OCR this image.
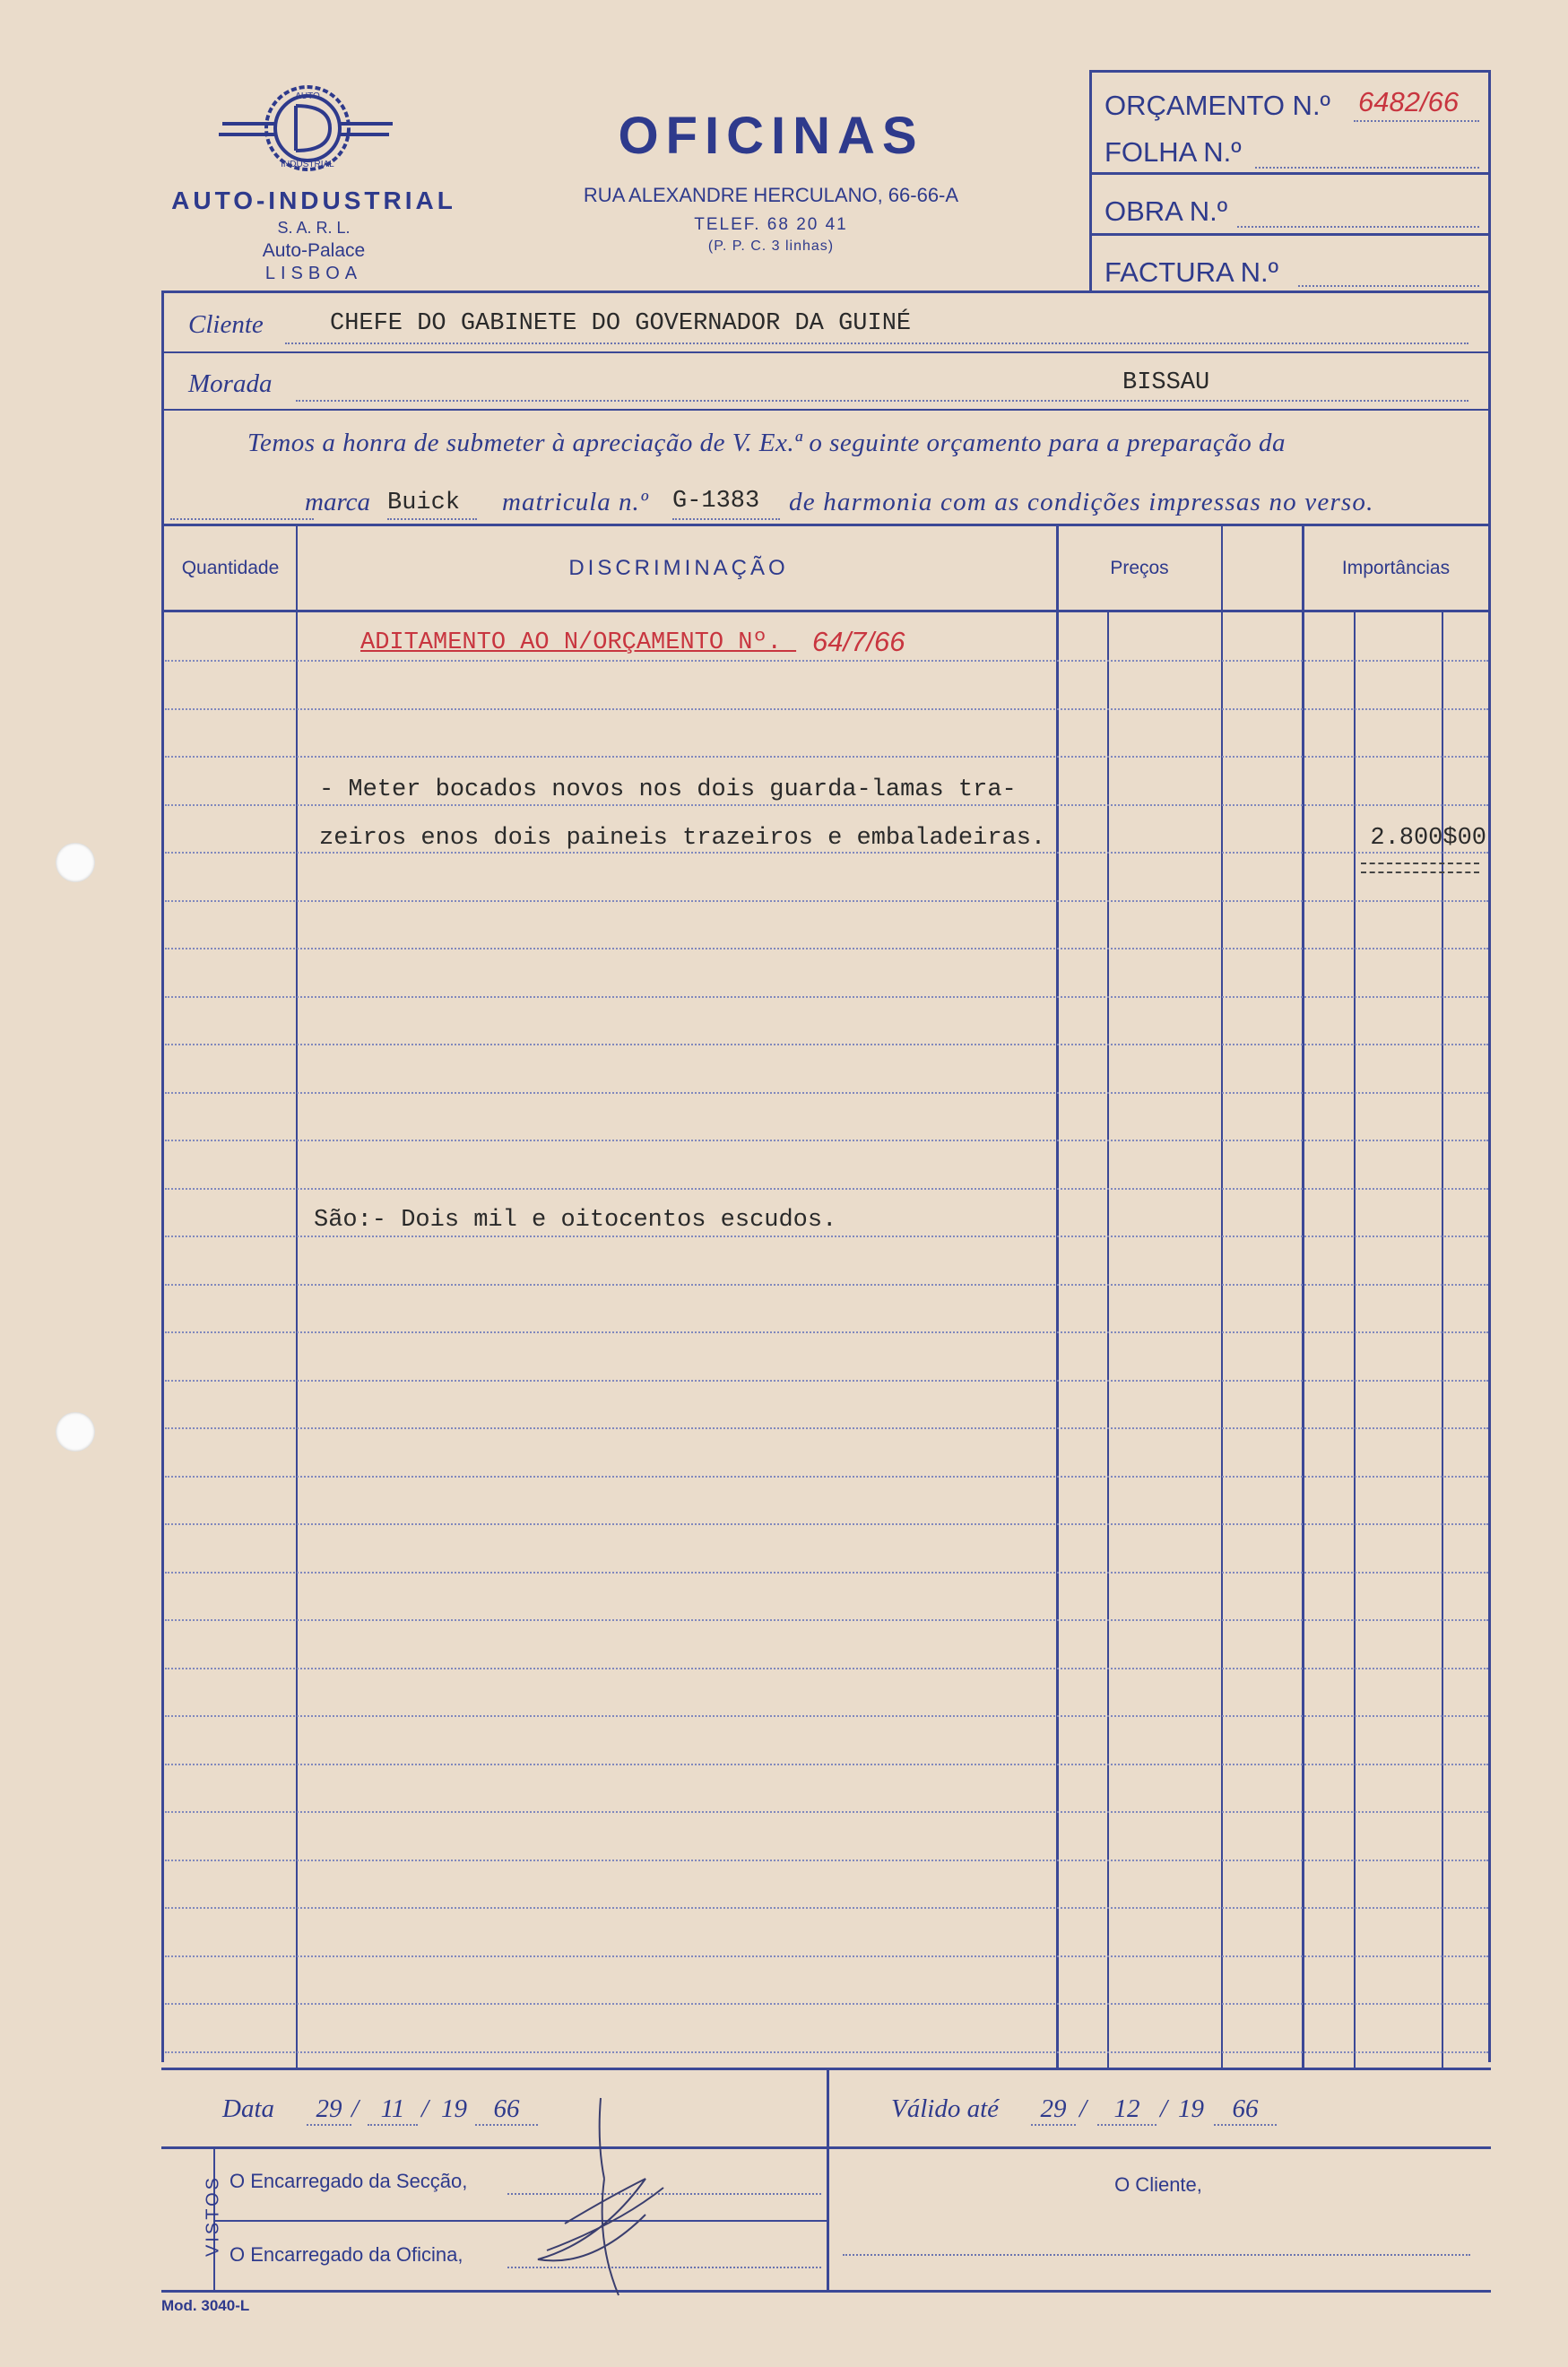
AUTO
INDUSTRIAL
AUTO-INDUSTRIAL
S. A. R. L.
Auto-Palace
LISBOA
OFICINAS
RUA ALEXANDRE HERCULANO, 66-66-A
TELEF. 68 20 41
(P. P. C. 3 linhas)
ORÇAMENTO N.º 6482/66
FOLHA N.º
OBRA N.º
FACTURA N.º
Cliente	CHEFE DO GABINETE DO GOVERNADOR DA GUINÉ
Morada	BISSAU
Temos a honra de submeter à apreciação de V. Ex.ª o seguinte orçamento para a preparação da
marca Buick matricula n.º G-1383 de harmonia com as condições impressas no verso.
Quantidade	DISCRIMINAÇÃO	Preços	Importâncias
ADITAMENTO AO N/ORÇAMENTO Nº. 64/7/66
- Meter bocados novos nos dois guarda-lamas tra-
zeiros enos dois paineis trazeiros e embaladeiras.	2.800$00
São:- Dois mil e oitocentos escudos.
Data	29 / 11 / 19	66	Válido até	29 /	12 / 19	66
VISTOS O Encarregado da Secção,
O Encarregado da Oficina,
O Cliente,
Mod. 3040-L
